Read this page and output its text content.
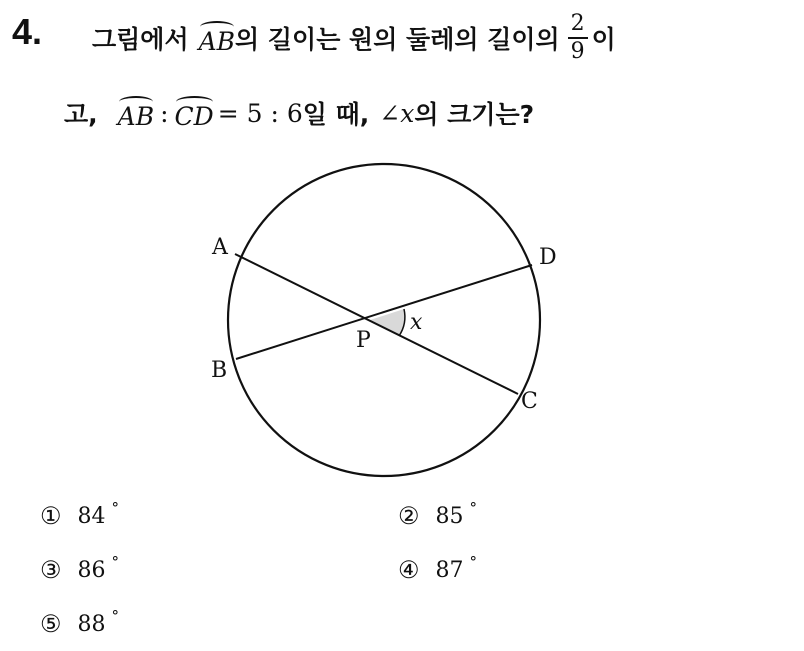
4. 그림에서 AB 의 길이는 원의 둘레의 길이의 $\frac{2}{9}$ 이
고, AB : CD = 5 : 6 일 때, ∠ x 의 크기는?
A
B
C
D
P
x
① 84 °	② 85 °
③ 86 °	④ 87 °
⑤ 88 °
